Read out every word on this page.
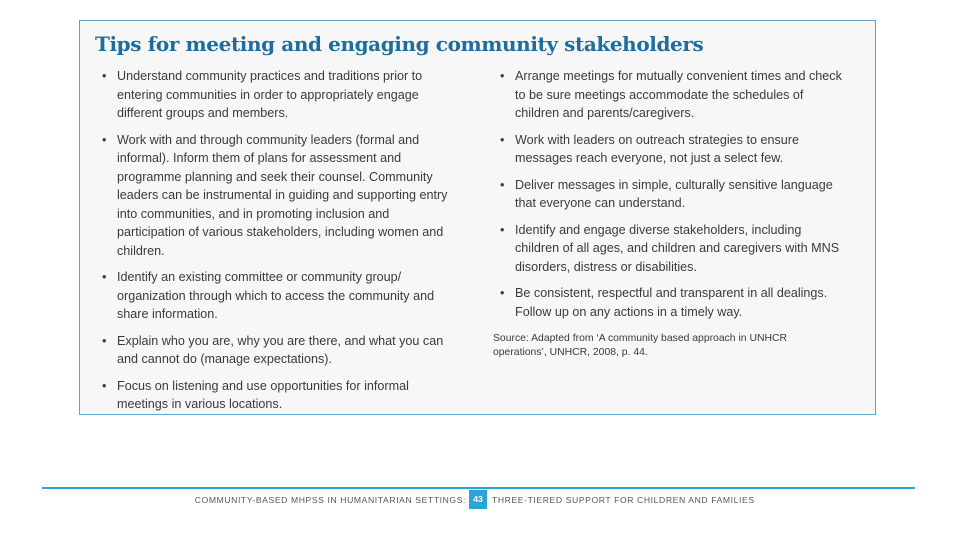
Tips for meeting and engaging community stakeholders
• Understand community practices and traditions prior to entering communities in order to appropriately engage different groups and members.
• Work with and through community leaders (formal and informal). Inform them of plans for assessment and programme planning and seek their counsel. Community leaders can be instrumental in guiding and supporting entry into communities, and in promoting inclusion and participation of various stakeholders, including women and children.
• Identify an existing committee or community group/ organization through which to access the community and share information.
• Explain who you are, why you are there, and what you can and cannot do (manage expectations).
• Focus on listening and use opportunities for informal meetings in various locations.
• Arrange meetings for mutually convenient times and check to be sure meetings accommodate the schedules of children and parents/caregivers.
• Work with leaders on outreach strategies to ensure messages reach everyone, not just a select few.
• Deliver messages in simple, culturally sensitive language that everyone can understand.
• Identify and engage diverse stakeholders, including children of all ages, and children and caregivers with MNS disorders, distress or disabilities.
• Be consistent, respectful and transparent in all dealings. Follow up on any actions in a timely way.

Source: Adapted from ‘A community based approach in UNHCR operations’, UNHCR, 2008, p. 44.

COMMUNITY-BASED MHPSS IN HUMANITARIAN SETTINGS: 43	THREE-TIERED SUPPORT FOR CHILDREN AND FAMILIES
